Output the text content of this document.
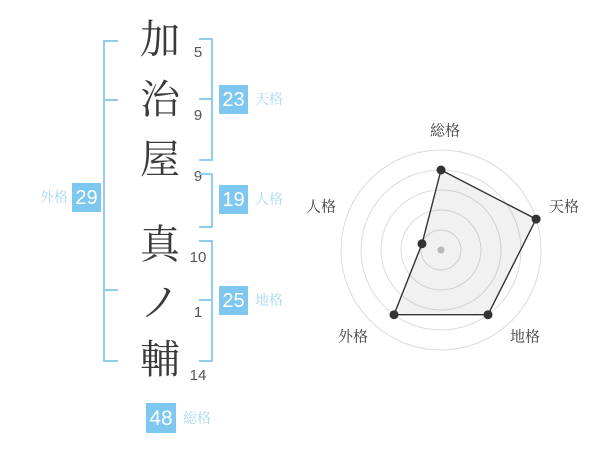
加
治
屋
真
ノ
輔
5
9
9
10
1
14
23 天格
19 人格
25 地格
外格 29
48 総格
総格
天格
地格
外格
人格
